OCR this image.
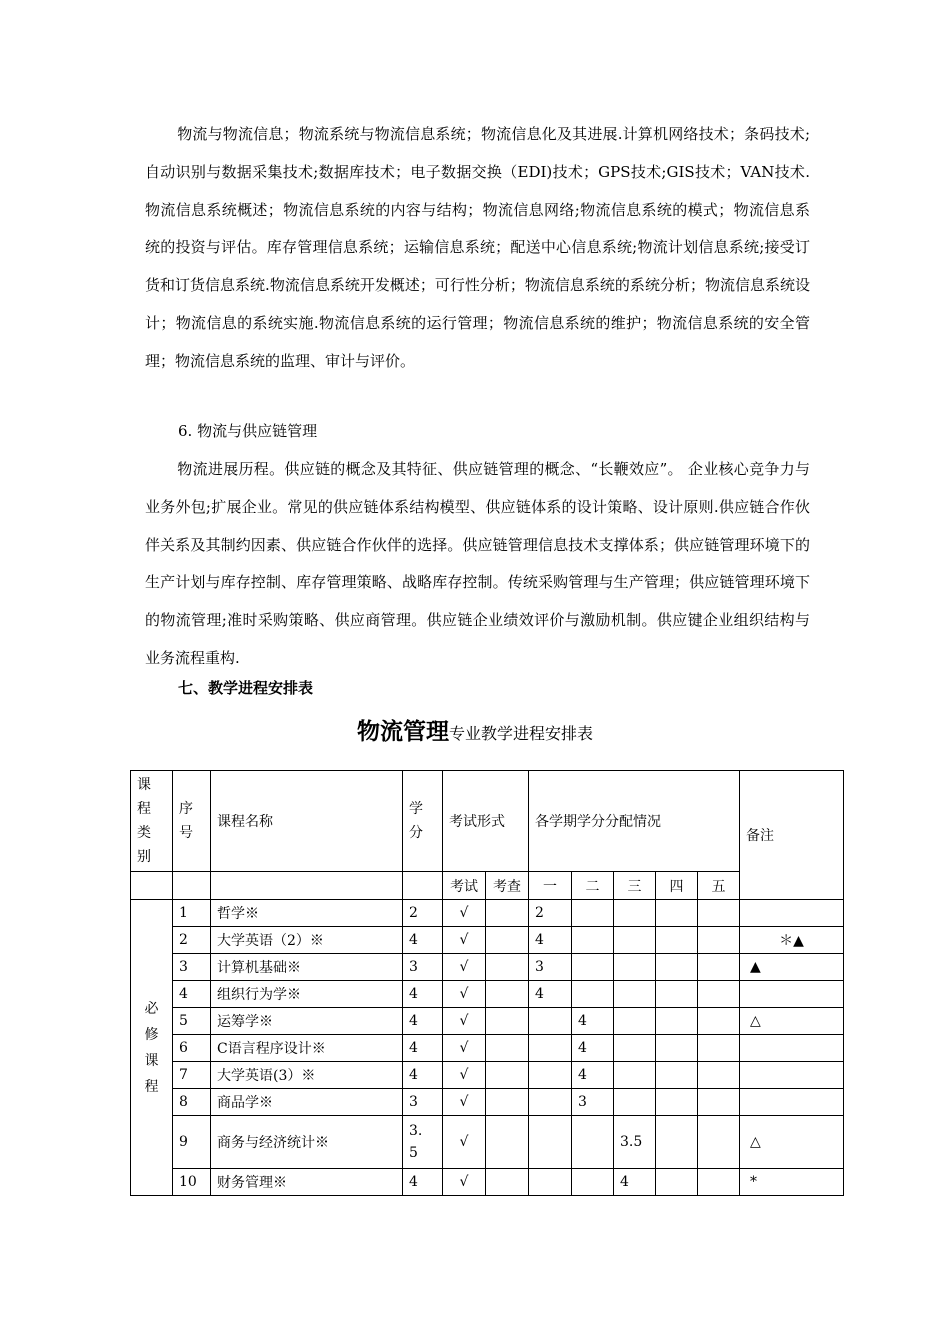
物流与物流信息；物流系统与物流信息系统；物流信息化及其进展.计算机网络技术；条码技术;自动识别与数据采集技术;数据库技术；电子数据交换（EDI)技术；GPS技术;GIS技术；VAN技术.物流信息系统概述；物流信息系统的内容与结构；物流信息网络;物流信息系统的模式；物流信息系统的投资与评估。库存管理信息系统；运输信息系统；配送中心信息系统;物流计划信息系统;接受订货和订货信息系统.物流信息系统开发概述；可行性分析；物流信息系统的系统分析；物流信息系统设计；物流信息的系统实施.物流信息系统的运行管理；物流信息系统的维护；物流信息系统的安全管理；物流信息系统的监理、审计与评价。

6. 物流与供应链管理

物流进展历程。供应链的概念及其特征、供应链管理的概念、“长鞭效应”。 企业核心竞争力与业务外包;扩展企业。常见的供应链体系结构模型、供应链体系的设计策略、设计原则.供应链合作伙伴关系及其制约因素、供应链合作伙伴的选择。供应链管理信息技术支撑体系；供应链管理环境下的生产计划与库存控制、库存管理策略、战略库存控制。传统采购管理与生产管理；供应链管理环境下的物流管理;准时采购策略、供应商管理。供应链企业绩效评价与激励机制。供应键企业组织结构与业务流程重构.

七、教学进程安排表

物流管理专业教学进程安排表

课程类别	序号	课程名称	学分	考试形式		各学期学分分配情况					备注
				考试	考查	一	二	三	四	五	

必修课程	1	哲学※	2	√		2					
	2	大学英语（2）※	4	√		4					＊▲
	3	计算机基础※	3	√		3					▲
	4	组织行为学※	4	√		4					
	5	运筹学※	4	√			4				△
	6	C语言程序设计※	4	√			4				
	7	大学英语(3）※	4	√			4				
	8	商品学※	3	√			3				
	9	商务与经济统计※	3.5	√				3.5			△
	10	财务管理※	4	√				4			*
